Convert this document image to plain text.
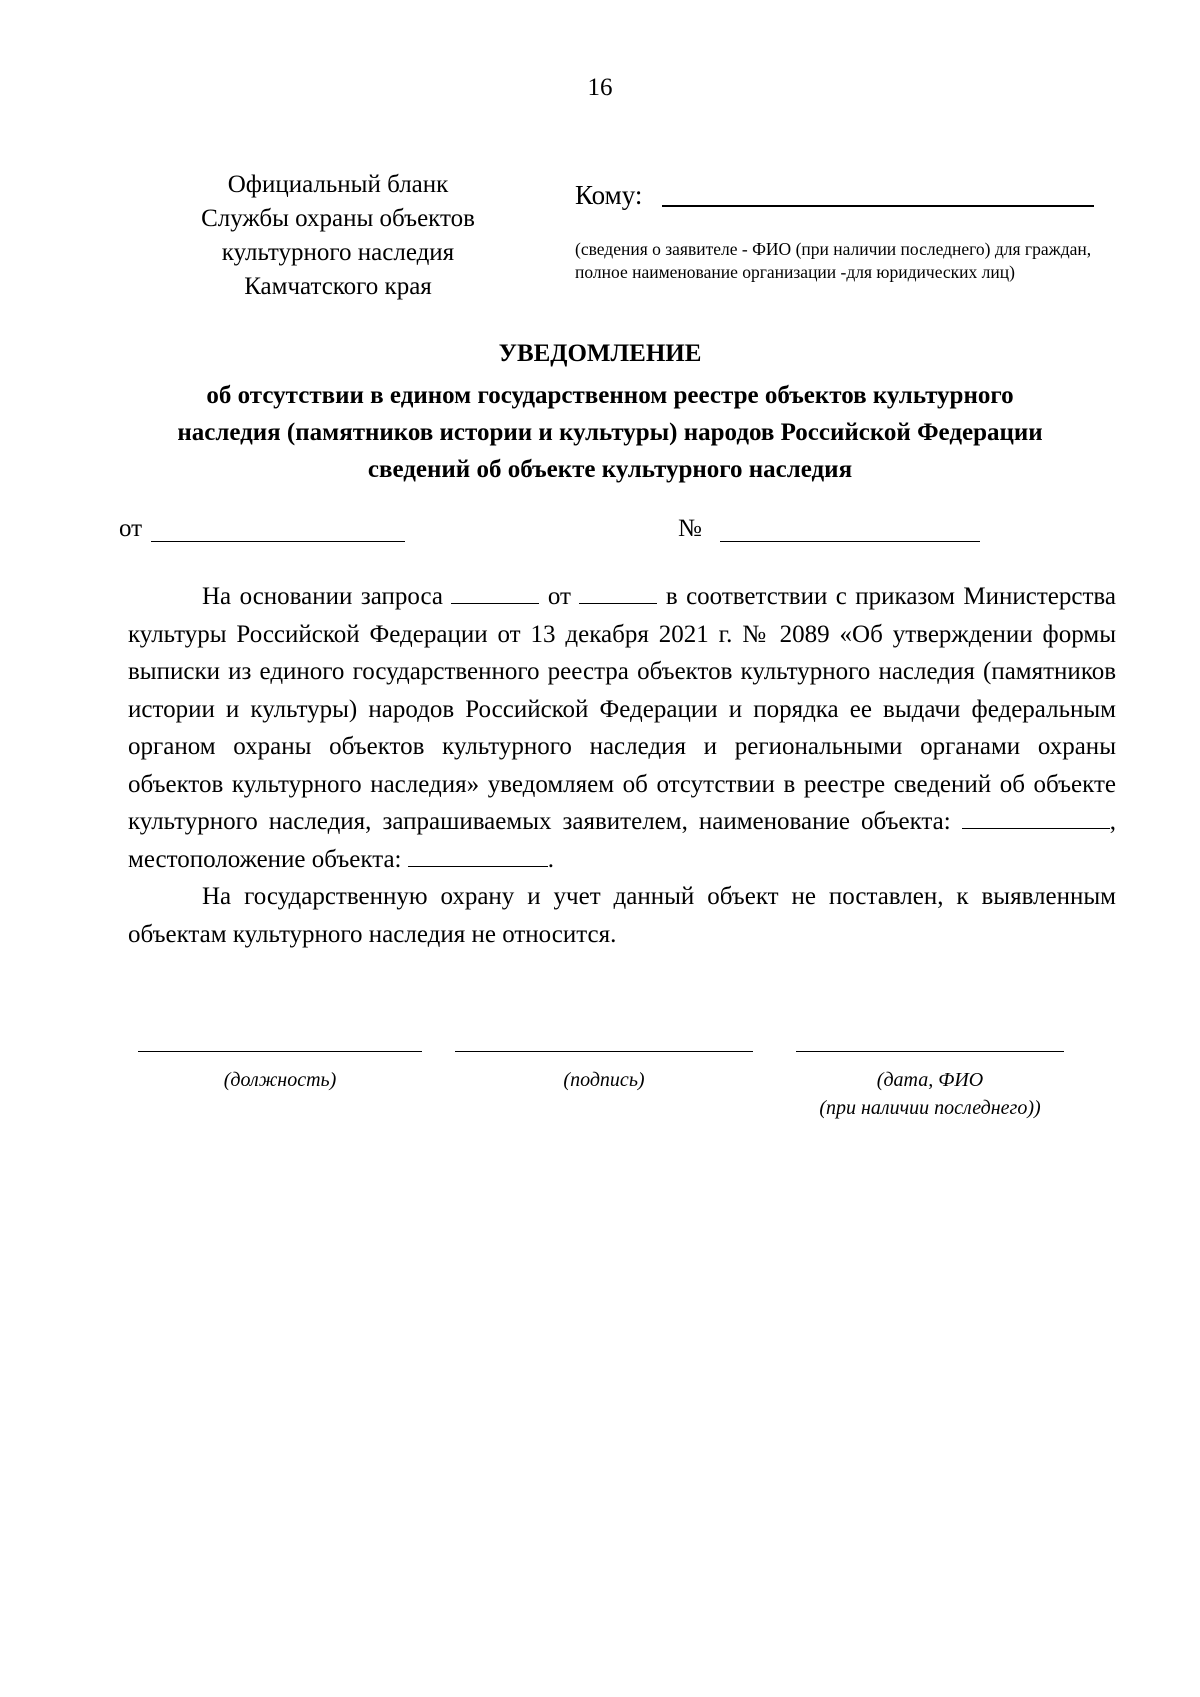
16
Официальный бланк
Службы охраны объектов
культурного наследия
Камчатского края
Кому:
(сведения о заявителе - ФИО (при наличии последнего) для граждан, полное наименование организации -для юридических лиц)
УВЕДОМЛЕНИЕ
об отсутствии в едином государственном реестре объектов культурного
наследия (памятников истории и культуры) народов Российской Федерации
сведений об объекте культурного наследия
от	№

На основании запроса	от	в соответствии с приказом Министерства культуры Российской Федерации от 13 декабря 2021 г. № 2089 «Об утверждении формы выписки из единого государственного реестра объектов культурного наследия (памятников истории и культуры) народов Российской Федерации и порядка ее выдачи федеральным органом охраны объектов культурного наследия и региональными органами охраны объектов культурного наследия» уведомляем об отсутствии в реестре сведений об объекте культурного наследия, запрашиваемых заявителем, наименование объекта:	, местоположение объекта:	.

На государственную охрану и учет данный объект не поставлен, к выявленным объектам культурного наследия не относится.

(должность)	(подпись)	(дата, ФИО
(при наличии последнего))
